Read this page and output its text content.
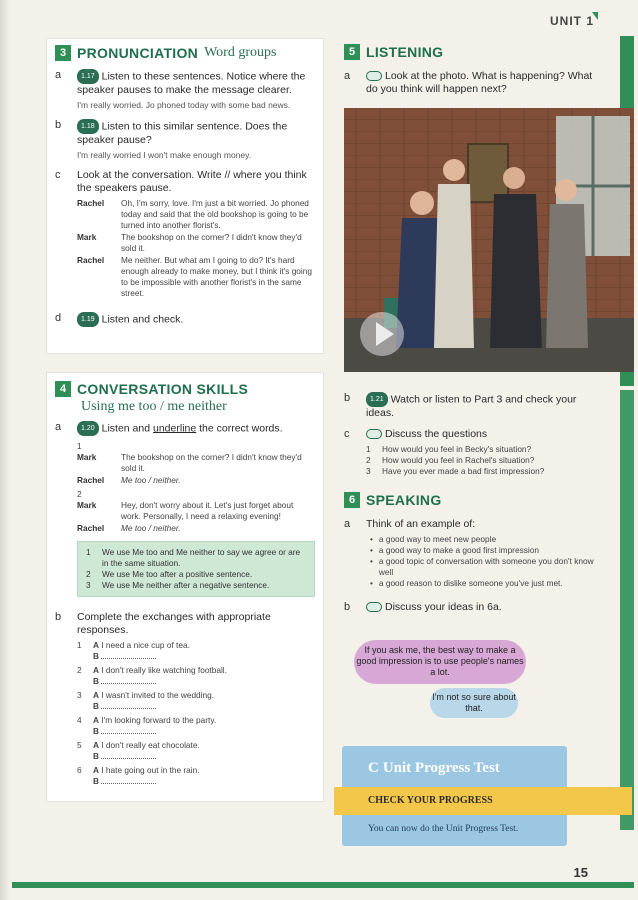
UNIT 1
3 PRONUNCIATION Word groups
a	1.17 Listen to these sentences. Notice where the speaker pauses to make the message clearer.
I'm really worried. Jo phoned today with some bad news.
b	1.18 Listen to this similar sentence. Does the speaker pause?
I'm really worried I won't make enough money.
c	Look at the conversation. Write // where you think the speakers pause.
Rachel	Oh, I'm sorry, love. I'm just a bit worried. Jo phoned today and said that the old bookshop is going to be turned into another florist's.
Mark	The bookshop on the corner? I didn't know they'd sold it.
Rachel	Me neither. But what am I going to do? It's hard enough already to make money, but I think it's going to be impossible with another florist's in the same street.
d	1.19 Listen and check.
4 CONVERSATION SKILLS
Using me too / me neither
a	1.20 Listen and underline the correct words.
1
Mark	The bookshop on the corner? I didn't know they'd sold it.
Rachel	Me too / neither.
2
Mark	Hey, don't worry about it. Let's just forget about work. Personally, I need a relaxing evening!
Rachel	Me too / neither.
1	We use Me too and Me neither to say we agree or are in the same situation.
2	We use Me too after a positive sentence.
3	We use Me neither after a negative sentence.
b	Complete the exchanges with appropriate responses.
1	A I need a nice cup of tea.
B
2	A I don't really like watching football.
B
3	A I wasn't invited to the wedding.
B
4	A I'm looking forward to the party.
B
5	A I don't really eat chocolate.
B
6	A I hate going out in the rain.
B
5 LISTENING
a	Look at the photo. What is happening? What do you think will happen next?
b	1.21 Watch or listen to Part 3 and check your ideas.
c	Discuss the questions
1	How would you feel in Becky's situation?
2	How would you feel in Rachel's situation?
3	Have you ever made a bad first impression?
6 SPEAKING
a	Think of an example of:
• a good way to meet new people
• a good way to make a good first impression
• a good topic of conversation with someone you don't know well
• a good reason to dislike someone you've just met.
b	Discuss your ideas in 6a.
If you ask me, the best way to make a good impression is to use people's names a lot.
I'm not so sure about that.
C Unit Progress Test
You can now do the Unit Progress Test.
CHECK YOUR PROGRESS
15
